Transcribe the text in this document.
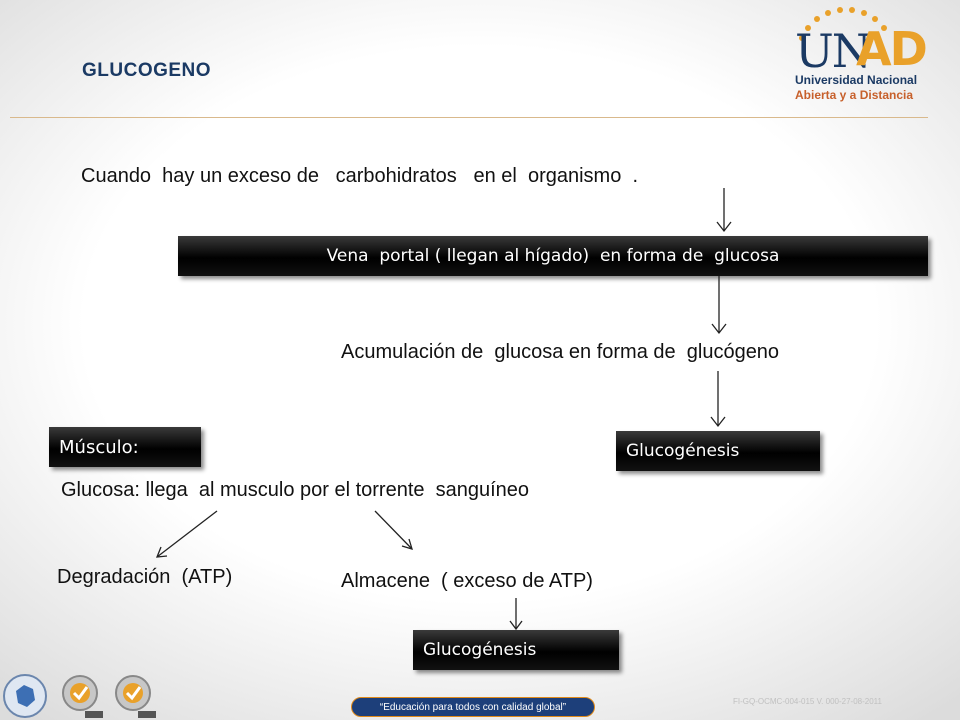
GLUCOGENO	UN
AD
Universidad Nacional
Abierta y a Distancia
Cuando  hay un exceso de   carbohidratos   en el  organismo  .
Vena  portal ( llegan al hígado)  en forma de  glucosa
Acumulación de  glucosa en forma de  glucógeno
Glucogénesis
Músculo:
Glucosa: llega  al musculo por el torrente  sanguíneo
Degradación  (ATP)	Almacene  ( exceso de ATP)
Glucogénesis
“Educación para todos con calidad global”	FI-GQ-OCMC-004-015 V. 000-27-08-2011
